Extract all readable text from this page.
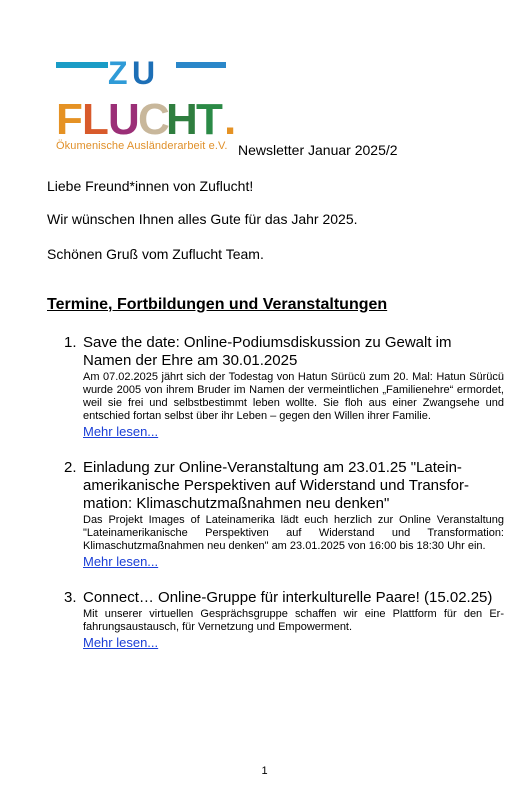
Z U
F L U
C
H
T .
Ökumenische Ausländerarbeit e.V. Newsletter Januar 2025/2
Liebe Freund*innen von Zuflucht!
Wir wünschen Ihnen alles Gute für das Jahr 2025.
Schönen Gruß vom Zuflucht Team.
Termine, Fortbildungen und Veranstaltungen
1. Save the date: Online-Podiumsdiskussion zu Gewalt im Namen der Ehre am 30.01.2025
Am 07.02.2025 jährt sich der Todestag von Hatun Sürücü zum 20. Mal: Hatun Sürücü wurde 2005 von ihrem Bruder im Namen der vermeintlichen „Familienehre“ ermordet, weil sie frei und selbstbestimmt leben wollte. Sie floh aus einer Zwangsehe und entschied fortan selbst über ihr Leben – gegen den Willen ihrer Familie.
Mehr lesen...
2. Einladung zur Online-Veranstaltung am 23.01.25 "Lateinamerikanische Perspektiven auf Widerstand und Transformation: Klimaschutzmaßnahmen neu denken"
Das Projekt Images of Lateinamerika lädt euch herzlich zur Online Veranstaltung "Lateinamerikanische Perspektiven auf Widerstand und Transformation: Klimaschutzmaßnahmen neu denken" am 23.01.2025 von 16:00 bis 18:30 Uhr ein.
Mehr lesen...
3. Connect… Online-Gruppe für interkulturelle Paare! (15.02.25)
Mit unserer virtuellen Gesprächsgruppe schaffen wir eine Plattform für den Erfahrungsaustausch, für Vernetzung und Empowerment.
Mehr lesen...
1
